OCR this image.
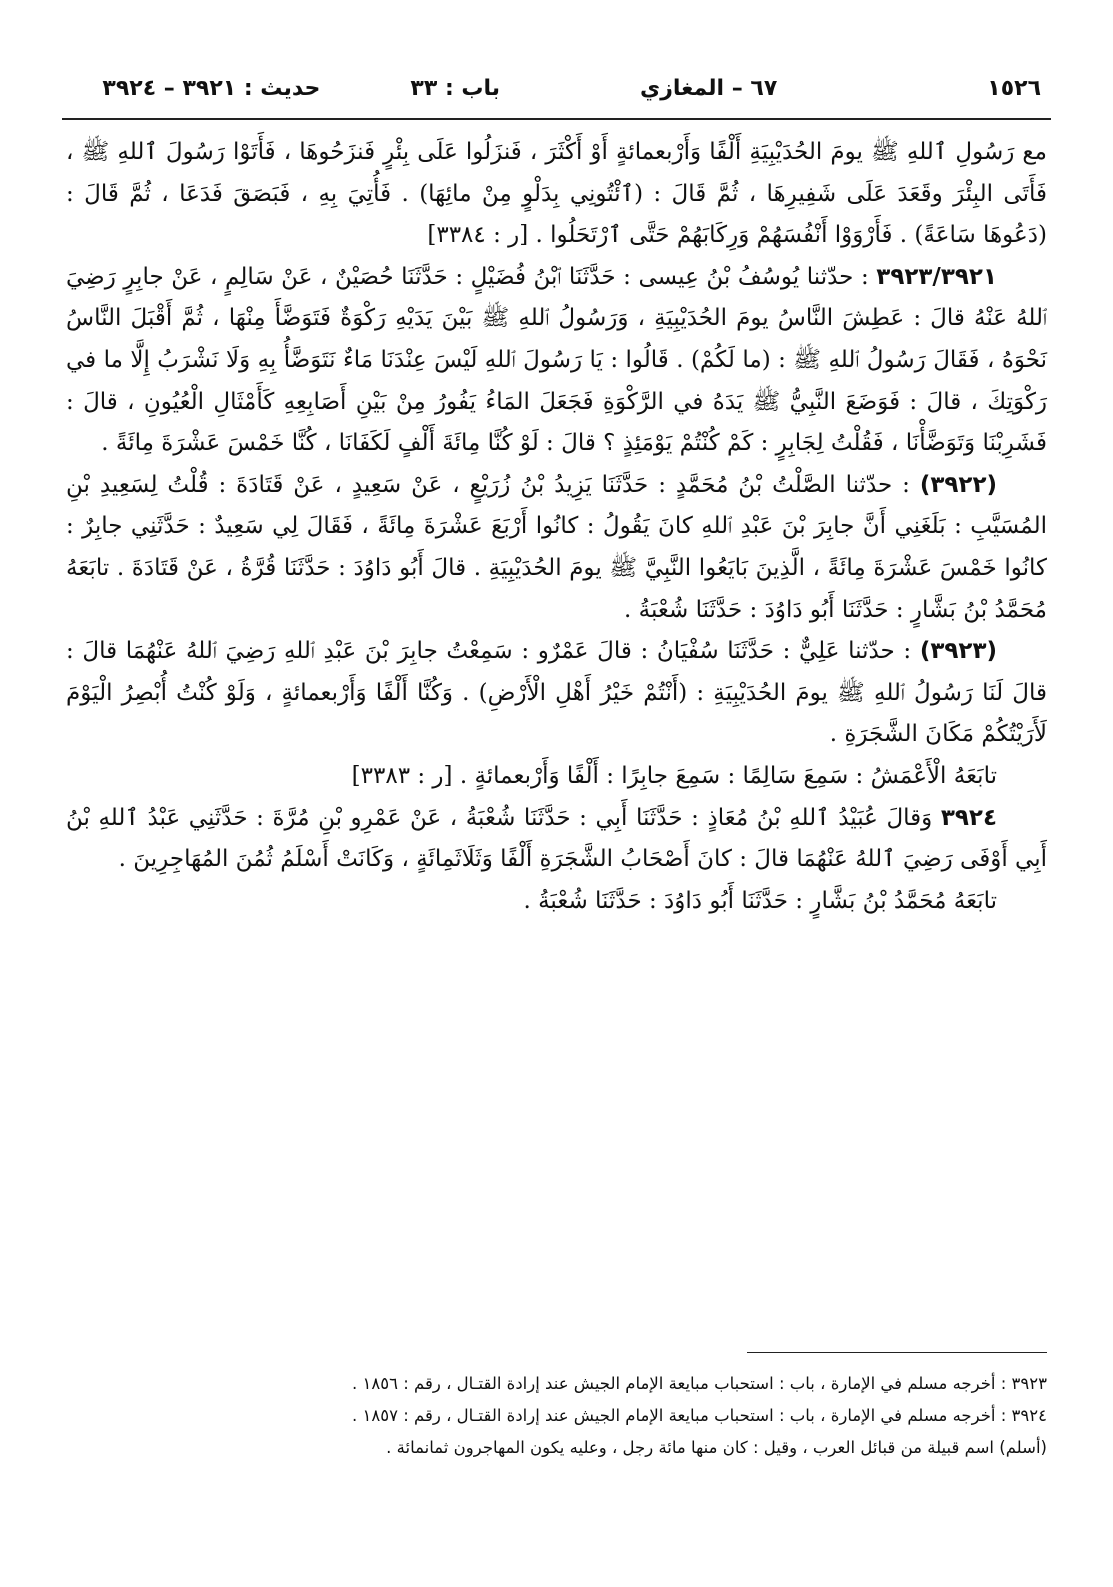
١٥٢٦
٦٧ – المغازي
باب : ٣٣
حديث : ٣٩٢١ – ٣٩٢٤

مع رَسُولِ ٱللهِ ﷺ يومَ الحُدَيْبِيَةِ أَلْفًا وَأَرْبعمائةٍ أَوْ أَكْثَرَ ، فَنزَلُوا عَلَى بِئْرٍ فَنزَحُوهَا ، فَأَتَوْا رَسُولَ ٱللهِ ﷺ ، فَأَتَى البِئْرَ وقَعَدَ عَلَى شَفِيرِهَا ، ثُمَّ قَالَ : (ٱئْتُونِي بِدَلْوٍ مِنْ مائِهَا) . فَأُتِيَ بِهِ ، فَبَصَقَ فَدَعَا ، ثُمَّ قَالَ : (دَعُوهَا سَاعَةً) . فَأَرْوَوْا أَنْفُسَهُمْ وَرِكَابَهُمْ حَتَّى ٱرْتَحَلُوا . [ر : ٣٣٨٤]

٣٩٢٣/٣٩٢١ : حدّثنا يُوسُفُ بْنُ عِيسى : حَدَّثَنَا ٱبْنُ فُضَيْلٍ : حَدَّثَنَا حُصَيْنٌ ، عَنْ سَالِمٍ ، عَنْ جابِرٍ رَضِيَ ٱللهُ عَنْهُ قالَ : عَطِشَ النَّاسُ يومَ الحُدَيْبِيَةِ ، وَرَسُولُ ٱللهِ ﷺ بَيْنَ يَدَيْهِ رَكْوَةٌ فَتَوَضَّأَ مِنْهَا ، ثُمَّ أَقْبَلَ النَّاسُ نَحْوَهُ ، فَقَالَ رَسُولُ ٱللهِ ﷺ : (ما لَكُمْ) . قَالُوا : يَا رَسُولَ ٱللهِ لَيْسَ عِنْدَنَا مَاءٌ نَتَوَضَّأُ بِهِ وَلَا نَشْرَبُ إِلَّا ما في رَكْوَتِكَ ، قالَ : فَوَضَعَ النَّبِيُّ ﷺ يَدَهُ في الرَّكْوَةِ فَجَعَلَ المَاءُ يَفُورُ مِنْ بَيْنِ أَصَابِعِهِ كَأَمْثَالِ الْعُيُونِ ، قالَ : فَشَرِبْنَا وَتَوَضَّأْنَا ، فَقُلْتُ لِجَابِرٍ : كَمْ كُنْتُمْ يَوْمَئِذٍ ؟ قالَ : لَوْ كُنَّا مِائَةَ أَلْفٍ لَكَفَانَا ، كُنَّا خَمْسَ عَشْرَةَ مِائَةً .

(٣٩٢٢) : حدّثنا الصَّلْتُ بْنُ مُحَمَّدٍ : حَدَّثَنَا يَزِيدُ بْنُ زُرَيْعٍ ، عَنْ سَعِيدٍ ، عَنْ قَتَادَةَ : قُلْتُ لِسَعِيدِ بْنِ المُسَيَّبِ : بَلَغَنِي أَنَّ جابِرَ بْنَ عَبْدِ ٱللهِ كانَ يَقُولُ : كانُوا أَرْبَعَ عَشْرَةَ مِائَةً ، فَقَالَ لِي سَعِيدٌ : حَدَّثَنِي جابِرٌ : كانُوا خَمْسَ عَشْرَةَ مِائَةً ، الَّذِينَ بَايَعُوا النَّبِيَّ ﷺ يومَ الحُدَيْبِيَةِ . قالَ أَبُو دَاوُدَ : حَدَّثَنَا قُرَّةُ ، عَنْ قَتَادَةَ . تابَعَهُ مُحَمَّدُ بْنُ بَشَّارٍ : حَدَّثَنَا أَبُو دَاوُدَ : حَدَّثَنَا شُعْبَةُ .

(٣٩٢٣) : حدّثنا عَلِيٌّ : حَدَّثَنَا سُفْيَانُ : قالَ عَمْرٌو : سَمِعْتُ جابِرَ بْنَ عَبْدِ ٱللهِ رَضِيَ ٱللهُ عَنْهُمَا قالَ : قالَ لَنَا رَسُولُ ٱللهِ ﷺ يومَ الحُدَيْبِيَةِ : (أَنْتُمْ خَيْرُ أَهْلِ الْأَرْضِ) . وَكُنَّا أَلْفًا وَأَرْبعمائةٍ ، وَلَوْ كُنْتُ أُبْصِرُ الْيَوْمَ لَأَرَيْتُكُمْ مَكَانَ الشَّجَرَةِ .

تابَعَهُ الْأَعْمَشُ : سَمِعَ سَالِمًا : سَمِعَ جابِرًا : أَلْفًا وَأَرْبعمائةٍ . [ر : ٣٣٨٣]

٣٩٢٤ وَقالَ عُبَيْدُ ٱللهِ بْنُ مُعَاذٍ : حَدَّثَنَا أَبِي : حَدَّثَنَا شُعْبَةُ ، عَنْ عَمْرِو بْنِ مُرَّةَ : حَدَّثَنِي عَبْدُ ٱللهِ بْنُ أَبِي أَوْفَى رَضِيَ ٱللهُ عَنْهُمَا قالَ : كانَ أَصْحَابُ الشَّجَرَةِ أَلْفًا وَثَلَاثَمِائَةٍ ، وَكَانَتْ أَسْلَمُ ثُمُنَ المُهَاجِرِينَ .

تابَعَهُ مُحَمَّدُ بْنُ بَشَّارٍ : حَدَّثَنَا أَبُو دَاوُدَ : حَدَّثَنَا شُعْبَةُ .

٣٩٢٣ : أخرجه مسلم في الإمارة ، باب : استحباب مبايعة الإمام الجيش عند إرادة القتـال ، رقم : ١٨٥٦ .

٣٩٢٤ : أخرجه مسلم في الإمارة ، باب : استحباب مبايعة الإمام الجيش عند إرادة القتـال ، رقم : ١٨٥٧ .

(أسلم) اسم قبيلة من قبائل العرب ، وقيل : كان منها مائة رجل ، وعليه يكون المهاجرون ثمانمائة .
